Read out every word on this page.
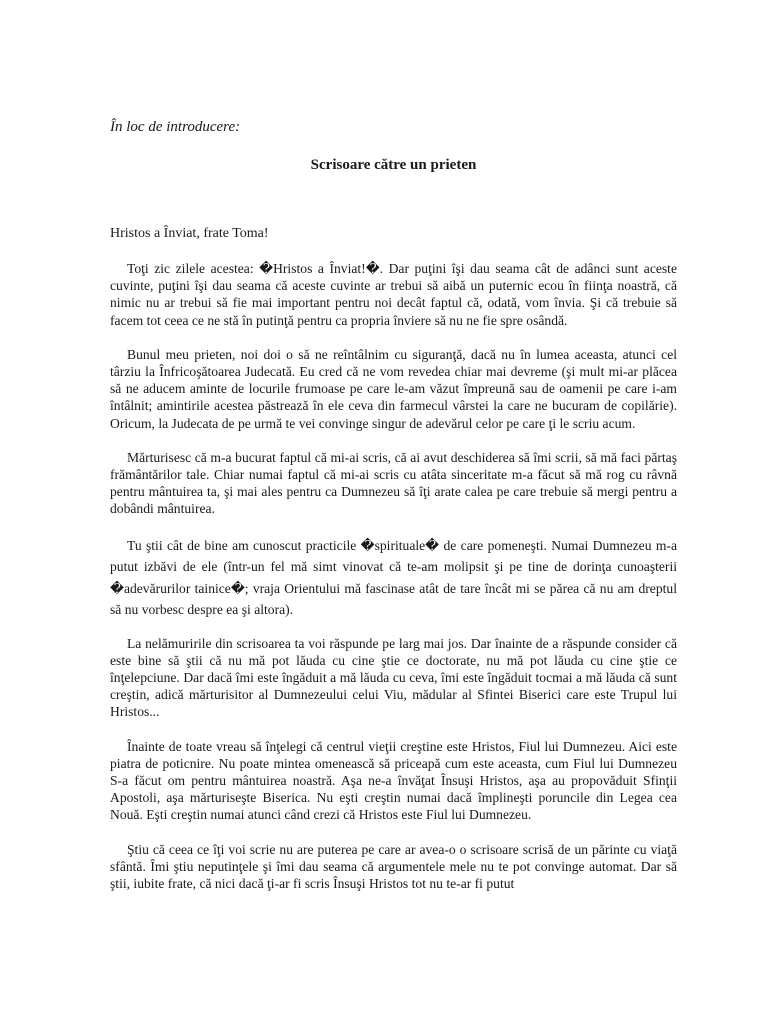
În loc de introducere:

Scrisoare către un prieten

Hristos a Înviat, frate Toma!

Toţi zic zilele acestea: �Hristos a Înviat!�. Dar puţini îşi dau seama cât de adânci sunt aceste cuvinte, puţini îşi dau seama că aceste cuvinte ar trebui să aibă un puternic ecou în fiinţa noastră, că nimic nu ar trebui să fie mai important pentru noi decât faptul că, odată, vom învia. Şi că trebuie să facem tot ceea ce ne stă în putinţă pentru ca propria înviere să nu ne fie spre osândă.

Bunul meu prieten, noi doi o să ne reîntâlnim cu siguranţă, dacă nu în lumea aceasta, atunci cel târziu la Înfricoşătoarea Judecată. Eu cred că ne vom revedea chiar mai devreme (şi mult mi-ar plăcea să ne aducem aminte de locurile frumoase pe care le-am văzut împreună sau de oamenii pe care i-am întâlnit; amintirile acestea păstrează în ele ceva din farmecul vârstei la care ne bucuram de copilărie). Oricum, la Judecata de pe urmă te vei convinge singur de adevărul celor pe care ţi le scriu acum.

Mărturisesc că m-a bucurat faptul că mi-ai scris, că ai avut deschiderea să îmi scrii, să mă faci părtaş frământărilor tale. Chiar numai faptul că mi-ai scris cu atâta sinceritate m-a făcut să mă rog cu râvnă pentru mântuirea ta, şi mai ales pentru ca Dumnezeu să îţi arate calea pe care trebuie să mergi pentru a dobândi mântuirea.

Tu ştii cât de bine am cunoscut practicile �spirituale� de care pomeneşti. Numai Dumnezeu m-a putut izbăvi de ele (într-un fel mă simt vinovat că te-am molipsit şi pe tine de dorinţa cunoaşterii �adevărurilor tainice�; vraja Orientului mă fascinase atât de tare încât mi se părea că nu am dreptul să nu vorbesc despre ea şi altora).

La nelămuririle din scrisoarea ta voi răspunde pe larg mai jos. Dar înainte de a răspunde consider că este bine să ştii că nu mă pot lăuda cu cine ştie ce doctorate, nu mă pot lăuda cu cine ştie ce înţelepciune. Dar dacă îmi este îngăduit a mă lăuda cu ceva, îmi este îngăduit tocmai a mă lăuda că sunt creştin, adică mărturisitor al Dumnezeului celui Viu, mădular al Sfintei Biserici care este Trupul lui Hristos...

Înainte de toate vreau să înţelegi că centrul vieţii creştine este Hristos, Fiul lui Dumnezeu. Aici este piatra de poticnire. Nu poate mintea omenească să priceapă cum este aceasta, cum Fiul lui Dumnezeu S-a făcut om pentru mântuirea noastră. Aşa ne-a învăţat Însuşi Hristos, aşa au propovăduit Sfinţii Apostoli, aşa mărturiseşte Biserica. Nu eşti creştin numai dacă împlineşti poruncile din Legea cea Nouă. Eşti creştin numai atunci când crezi că Hristos este Fiul lui Dumnezeu.

Ştiu că ceea ce îţi voi scrie nu are puterea pe care ar avea-o o scrisoare scrisă de un părinte cu viaţă sfântă. Îmi ştiu neputinţele şi îmi dau seama că argumentele mele nu te pot convinge automat. Dar să ştii, iubite frate, că nici dacă ţi-ar fi scris Însuşi Hristos tot nu te-ar fi putut
